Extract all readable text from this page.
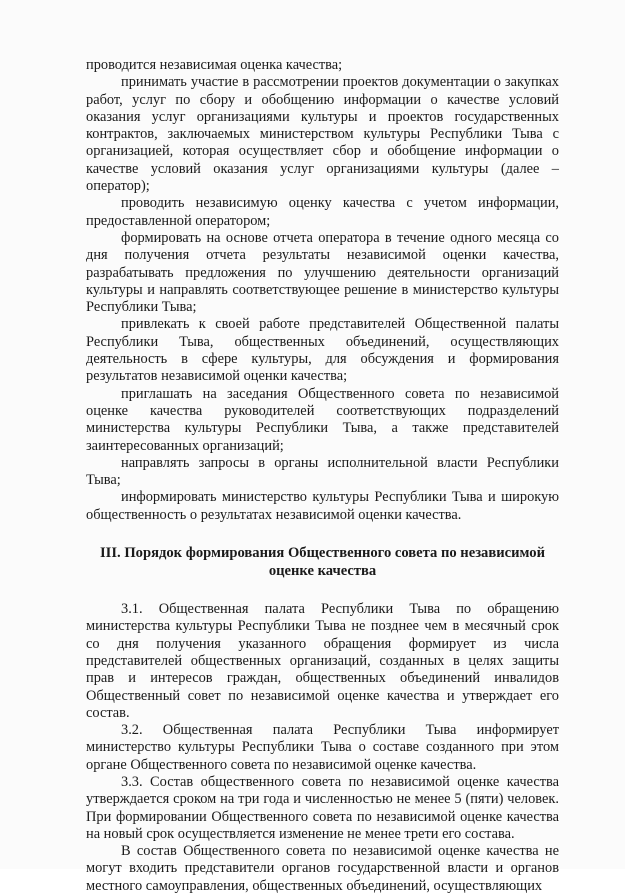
проводится независимая оценка качества;

принимать участие в рассмотрении проектов документации о закупках работ, услуг по сбору и обобщению информации о качестве условий оказания услуг организациями культуры и проектов государственных контрактов, заключаемых министерством культуры Республики Тыва с организацией, которая осуществляет сбор и обобщение информации о качестве условий оказания услуг организациями культуры (далее – оператор);

проводить независимую оценку качества с учетом информации, предоставленной оператором;

формировать на основе отчета оператора в течение одного месяца со дня получения отчета результаты независимой оценки качества, разрабатывать предложения по улучшению деятельности организаций культуры и направлять соответствующее решение в министерство культуры Республики Тыва;

привлекать к своей работе представителей Общественной палаты Республики Тыва, общественных объединений, осуществляющих деятельность в сфере культуры, для обсуждения и формирования результатов независимой оценки качества;

приглашать на заседания Общественного совета по независимой оценке качества руководителей соответствующих подразделений министерства культуры Республики Тыва, а также представителей заинтересованных организаций;

направлять запросы в органы исполнительной власти Республики Тыва;

информировать министерство культуры Республики Тыва и широкую общественность о результатах независимой оценки качества.

III. Порядок формирования Общественного совета по независимой оценке качества

3.1. Общественная палата Республики Тыва по обращению министерства культуры Республики Тыва не позднее чем в месячный срок со дня получения указанного обращения формирует из числа представителей общественных организаций, созданных в целях защиты прав и интересов граждан, общественных объединений инвалидов Общественный совет по независимой оценке качества и утверждает его состав.

3.2. Общественная палата Республики Тыва информирует министерство культуры Республики Тыва о составе созданного при этом органе Общественного совета по независимой оценке качества.

3.3. Состав общественного совета по независимой оценке качества утверждается сроком на три года и численностью не менее 5 (пяти) человек. При формировании Общественного совета по независимой оценке качества на новый срок осуществляется изменение не менее трети его состава.

В состав Общественного совета по независимой оценке качества не могут входить представители органов государственной власти и органов местного самоуправления, общественных объединений, осуществляющих
